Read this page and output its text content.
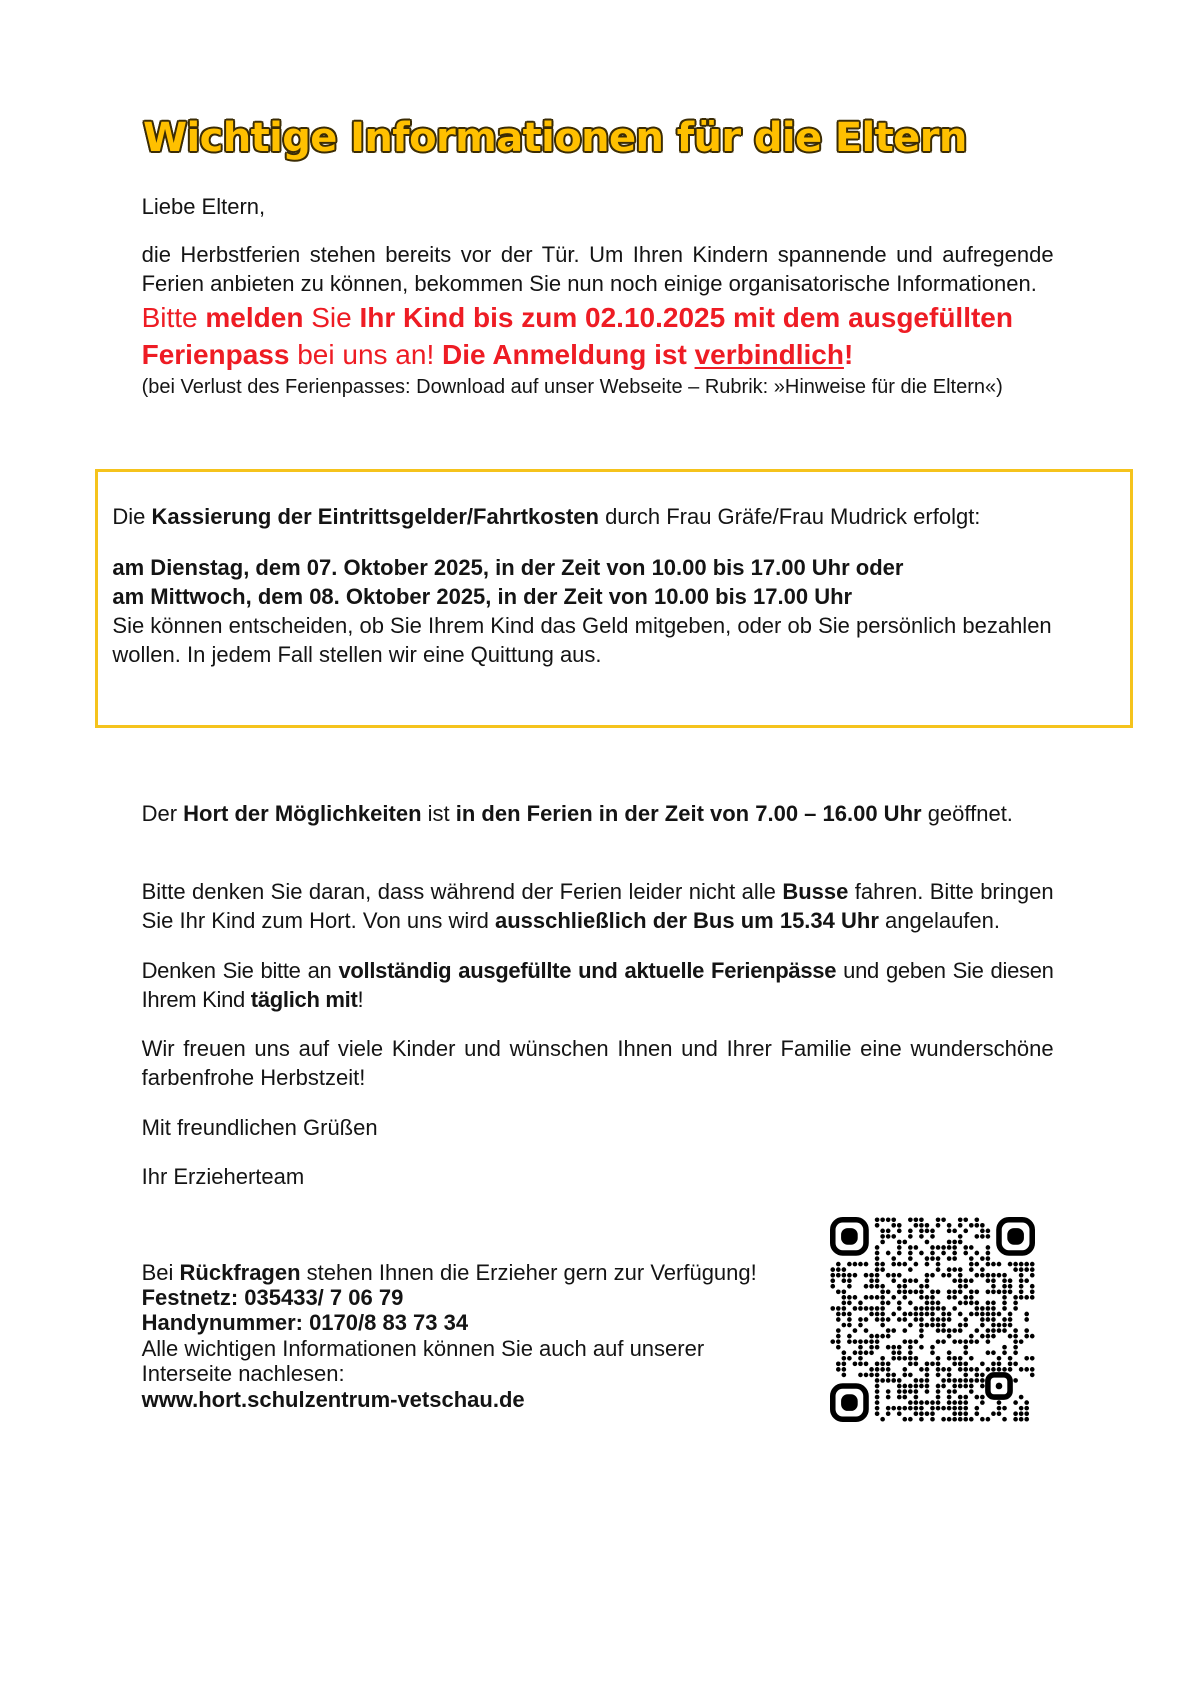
Wichtige Informationen für die Eltern
Liebe Eltern,
die Herbstferien stehen bereits vor der Tür. Um Ihren Kindern spannende und aufregende Ferien anbieten zu können, bekommen Sie nun noch einige organisatorische Informationen.
Bitte melden Sie Ihr Kind bis zum 02.10.2025 mit dem ausgefüllten Ferienpass bei uns an! Die Anmeldung ist verbindlich!
(bei Verlust des Ferienpasses: Download auf unser Webseite – Rubrik: »Hinweise für die Eltern«)
Die Kassierung der Eintrittsgelder/Fahrtkosten durch Frau Gräfe/Frau Mudrick erfolgt:
am Dienstag, dem 07. Oktober 2025, in der Zeit von 10.00 bis 17.00 Uhr oder
am Mittwoch, dem 08. Oktober 2025, in der Zeit von 10.00 bis 17.00 Uhr
Sie können entscheiden, ob Sie Ihrem Kind das Geld mitgeben, oder ob Sie persönlich bezahlen wollen. In jedem Fall stellen wir eine Quittung aus.
Der Hort der Möglichkeiten ist in den Ferien in der Zeit von 7.00 – 16.00 Uhr geöffnet.
Bitte denken Sie daran, dass während der Ferien leider nicht alle Busse fahren. Bitte bringen Sie Ihr Kind zum Hort. Von uns wird ausschließlich der Bus um 15.34 Uhr angelaufen.
Denken Sie bitte an vollständig ausgefüllte und aktuelle Ferienpässe und geben Sie diesen Ihrem Kind täglich mit!
Wir freuen uns auf viele Kinder und wünschen Ihnen und Ihrer Familie eine wunderschöne farbenfrohe Herbstzeit!
Mit freundlichen Grüßen
Ihr Erzieherteam
Bei Rückfragen stehen Ihnen die Erzieher gern zur Verfügung!
Festnetz: 035433/ 7 06 79
Handynummer: 0170/8 83 73 34
Alle wichtigen Informationen können Sie auch auf unserer Interseite nachlesen:
www.hort.schulzentrum-vetschau.de
